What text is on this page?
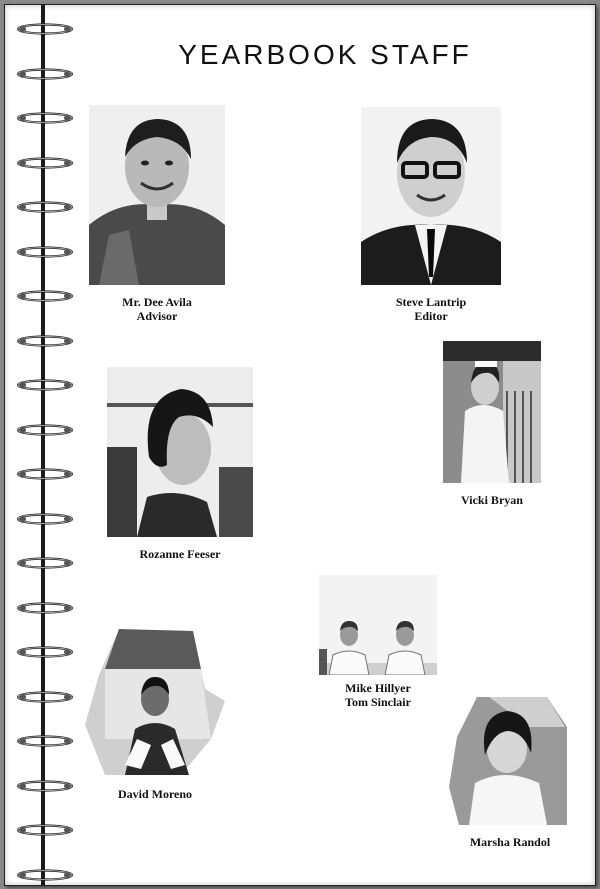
YEARBOOK STAFF
Mr. Dee Avila
Advisor
Steve Lantrip
Editor
Rozanne Feeser
Vicki Bryan
Mike Hillyer
Tom Sinclair
David Moreno
Marsha Randol
